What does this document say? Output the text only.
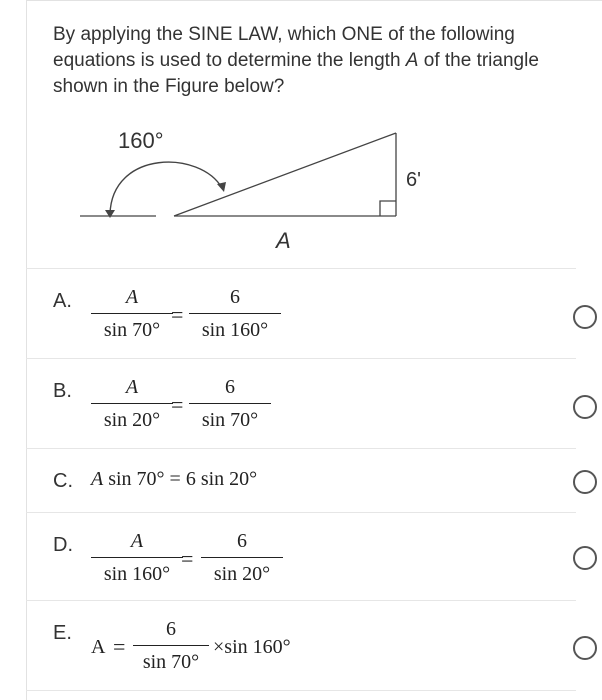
By applying the SINE LAW, which ONE of the following equations is used to determine the length A of the triangle shown in the Figure below?
160°
6'
A
A.	A
sin 70°
=
6
sin 160°
B.	A
sin 20°
=
6
sin 70°
C. A sin 70° = 6 sin 20°
D.	A
sin 160°
=
6
sin 20°
E.
A =
6
sin 70°
×sin 160°
